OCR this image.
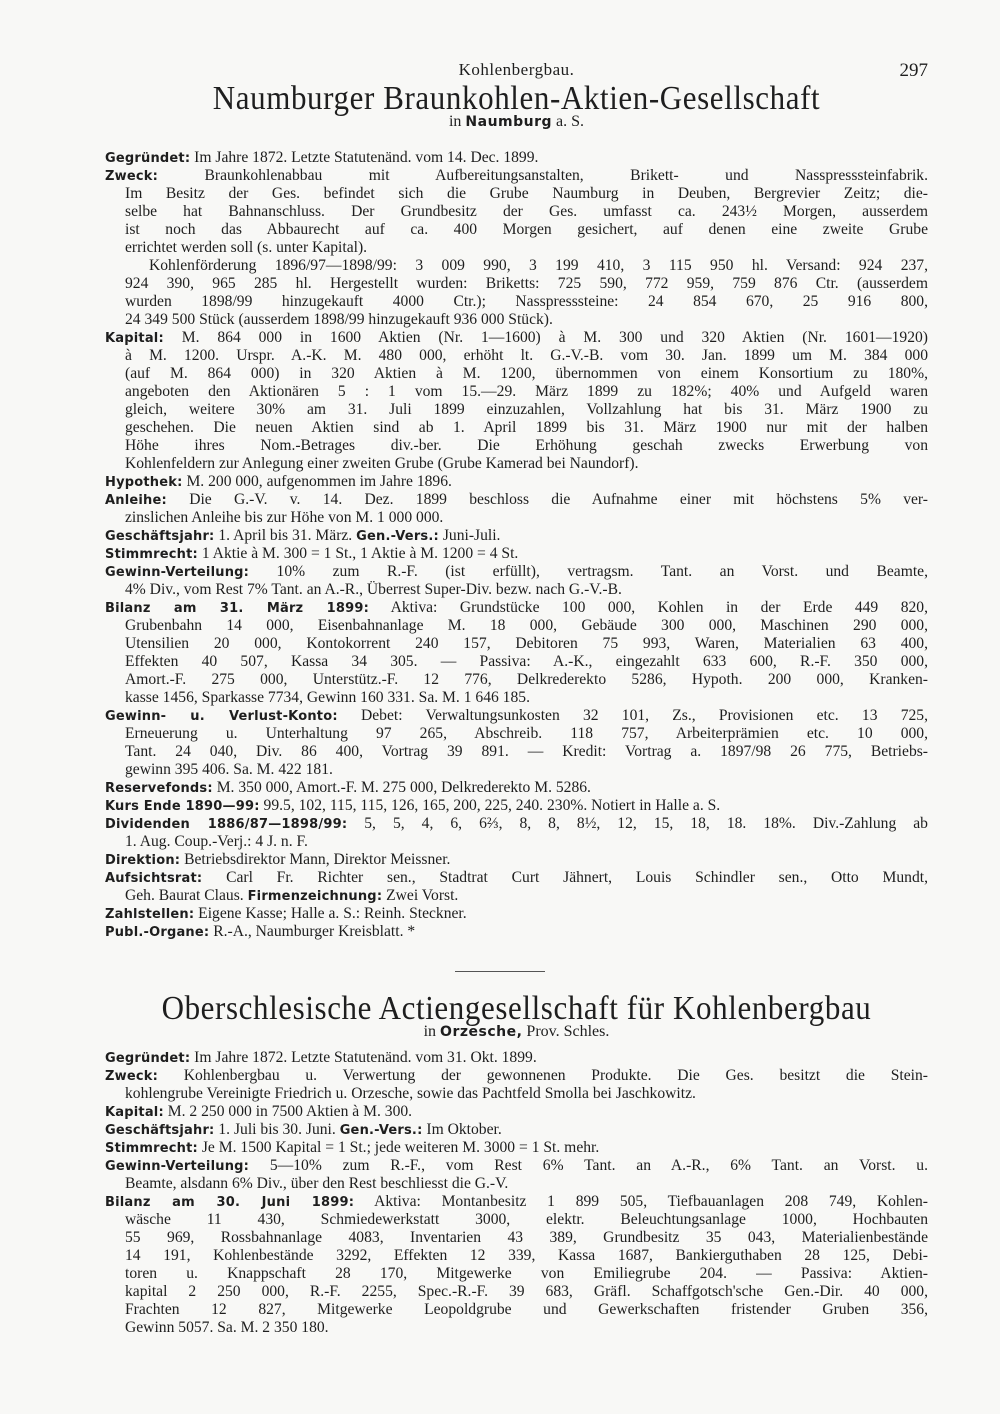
Kohlenbergbau.	297
Naumburger Braunkohlen-Aktien-Gesellschaft
in Naumburg a. S.
Gegründet: Im Jahre 1872. Letzte Statutenänd. vom 14. Dec. 1899.
Zweck:	Braunkohlenabbau mit Aufbereitungsanstalten, Brikett- und Nasspresssteinfabrik.
Im Besitz der Ges. befindet sich die Grube Naumburg in Deuben, Bergrevier Zeitz; die-
selbe hat Bahnanschluss. Der Grundbesitz der Ges. umfasst ca. 243½ Morgen, ausserdem
ist noch das Abbaurecht auf ca. 400 Morgen gesichert, auf denen eine zweite Grube
errichtet werden soll (s. unter Kapital).
Kohlenförderung 1896/97—1898/99: 3 009 990, 3 199 410, 3 115 950 hl. Versand: 924 237,
924 390, 965 285 hl. Hergestellt wurden: Briketts: 725 590, 772 959, 759 876 Ctr. (ausserdem
wurden 1898/99 hinzugekauft 4000 Ctr.); Nasspresssteine: 24 854 670, 25 916 800,
24 349 500 Stück (ausserdem 1898/99 hinzugekauft 936 000 Stück).
Kapital: M. 864 000 in 1600 Aktien (Nr. 1—1600) à M. 300 und 320 Aktien (Nr. 1601—1920)
à M. 1200. Urspr. A.-K. M. 480 000, erhöht lt. G.-V.-B. vom 30. Jan. 1899 um M. 384 000
(auf M. 864 000) in 320 Aktien à M. 1200, übernommen von einem Konsortium zu 180%,
angeboten den Aktionären 5 : 1 vom 15.—29. März 1899 zu 182%; 40% und Aufgeld waren
gleich, weitere 30% am 31. Juli 1899 einzuzahlen, Vollzahlung hat bis 31. März 1900 zu
geschehen. Die neuen Aktien sind ab 1. April 1899 bis 31. März 1900 nur mit der halben
Höhe ihres Nom.-Betrages div.-ber. Die Erhöhung geschah zwecks Erwerbung von
Kohlenfeldern zur Anlegung einer zweiten Grube (Grube Kamerad bei Naundorf).
Hypothek: M. 200 000, aufgenommen im Jahre 1896.
Anleihe: Die G.-V. v. 14. Dez. 1899 beschloss die Aufnahme einer mit höchstens 5% ver-
zinslichen Anleihe bis zur Höhe von M. 1 000 000.
Geschäftsjahr: 1. April bis 31. März. Gen.-Vers.: Juni-Juli.
Stimmrecht: 1 Aktie à M. 300 = 1 St., 1 Aktie à M. 1200 = 4 St.
Gewinn-Verteilung: 10% zum R.-F. (ist erfüllt), vertragsm. Tant. an Vorst. und Beamte,
4% Div., vom Rest 7% Tant. an A.-R., Überrest Super-Div. bezw. nach G.-V.-B.
Bilanz am 31. März 1899: Aktiva: Grundstücke 100 000, Kohlen in der Erde 449 820,
Grubenbahn 14 000, Eisenbahnanlage M. 18 000, Gebäude 300 000, Maschinen 290 000,
Utensilien 20 000, Kontokorrent 240 157, Debitoren 75 993, Waren, Materialien 63 400,
Effekten 40 507, Kassa 34 305. — Passiva: A.-K., eingezahlt 633 600, R.-F. 350 000,
Amort.-F. 275 000, Unterstütz.-F. 12 776, Delkrederekto 5286, Hypoth. 200 000, Kranken-
kasse 1456, Sparkasse 7734, Gewinn 160 331. Sa. M. 1 646 185.
Gewinn- u. Verlust-Konto: Debet: Verwaltungsunkosten 32 101, Zs., Provisionen etc. 13 725,
Erneuerung u. Unterhaltung 97 265, Abschreib. 118 757, Arbeiterprämien etc. 10 000,
Tant. 24 040, Div. 86 400, Vortrag 39 891. — Kredit: Vortrag a. 1897/98 26 775, Betriebs-
gewinn 395 406. Sa. M. 422 181.
Reservefonds: M. 350 000, Amort.-F. M. 275 000, Delkrederekto M. 5286.
Kurs Ende 1890—99: 99.5, 102, 115, 115, 126, 165, 200, 225, 240. 230%. Notiert in Halle a. S.
Dividenden 1886/87—1898/99: 5, 5, 4, 6, 6⅔, 8, 8, 8½, 12, 15, 18, 18. 18%. Div.-Zahlung ab
1. Aug. Coup.-Verj.: 4 J. n. F.
Direktion: Betriebsdirektor Mann, Direktor Meissner.
Aufsichtsrat: Carl Fr. Richter sen., Stadtrat Curt Jähnert, Louis Schindler sen., Otto Mundt,
Geh. Baurat Claus. Firmenzeichnung: Zwei Vorst.
Zahlstellen: Eigene Kasse; Halle a. S.: Reinh. Steckner.
Publ.-Organe: R.-A., Naumburger Kreisblatt. *
Oberschlesische Actiengesellschaft für Kohlenbergbau
in Orzesche, Prov. Schles.
Gegründet: Im Jahre 1872. Letzte Statutenänd. vom 31. Okt. 1899.
Zweck: Kohlenbergbau u. Verwertung der gewonnenen Produkte. Die Ges. besitzt die Stein-
kohlengrube Vereinigte Friedrich u. Orzesche, sowie das Pachtfeld Smolla bei Jaschkowitz.
Kapital: M. 2 250 000 in 7500 Aktien à M. 300.
Geschäftsjahr: 1. Juli bis 30. Juni. Gen.-Vers.: Im Oktober.
Stimmrecht: Je M. 1500 Kapital = 1 St.; jede weiteren M. 3000 = 1 St. mehr.
Gewinn-Verteilung: 5—10% zum R.-F., vom Rest 6% Tant. an A.-R., 6% Tant. an Vorst. u.
Beamte, alsdann 6% Div., über den Rest beschliesst die G.-V.
Bilanz am 30. Juni 1899: Aktiva: Montanbesitz 1 899 505, Tiefbauanlagen 208 749, Kohlen-
wäsche 11 430, Schmiedewerkstatt 3000, elektr. Beleuchtungsanlage 1000, Hochbauten
55 969, Rossbahnanlage 4083, Inventarien 43 389, Grundbesitz 35 043, Materialienbestände
14 191, Kohlenbestände 3292, Effekten 12 339, Kassa 1687, Bankierguthaben 28 125, Debi-
toren u. Knappschaft 28 170, Mitgewerke von Emiliegrube 204. — Passiva: Aktien-
kapital 2 250 000, R.-F. 2255, Spec.-R.-F. 39 683, Gräfl. Schaffgotsch'sche Gen.-Dir. 40 000,
Frachten 12 827, Mitgewerke Leopoldgrube und Gewerkschaften fristender Gruben 356,
Gewinn 5057. Sa. M. 2 350 180.
